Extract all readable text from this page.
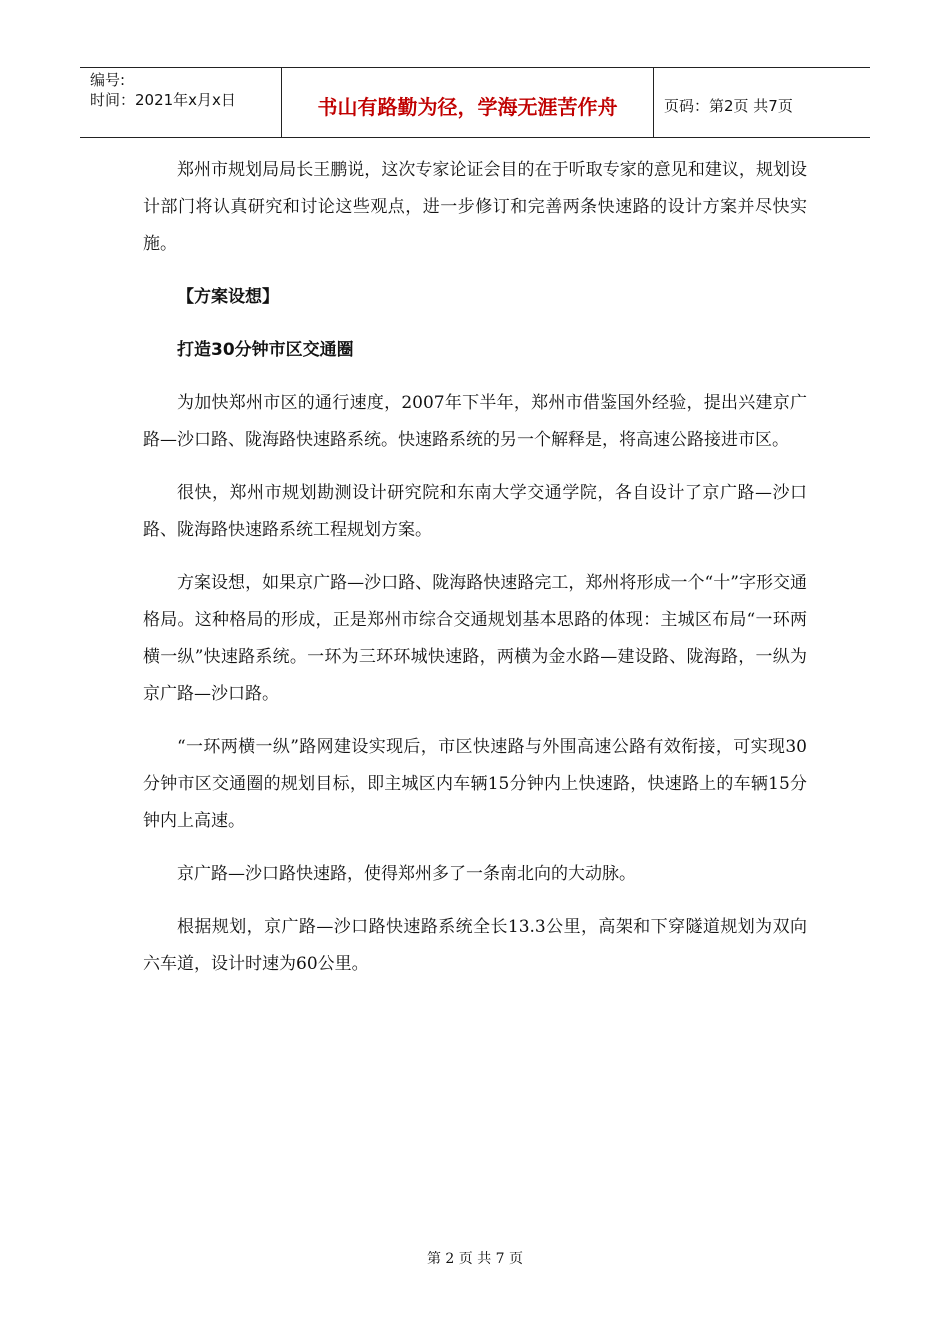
编号:
时间：2021年x月x日	书山有路勤为径，学海无涯苦作舟	页码：第2页 共7页

郑州市规划局局长王鹏说，这次专家论证会目的在于听取专家的意见和建议，规划设计部门将认真研究和讨论这些观点，进一步修订和完善两条快速路的设计方案并尽快实施。

【方案设想】

打造30分钟市区交通圈

为加快郑州市区的通行速度，2007年下半年，郑州市借鉴国外经验，提出兴建京广路—沙口路、陇海路快速路系统。快速路系统的另一个解释是，将高速公路接进市区。

很快，郑州市规划勘测设计研究院和东南大学交通学院，各自设计了京广路—沙口路、陇海路快速路系统工程规划方案。

方案设想，如果京广路—沙口路、陇海路快速路完工，郑州将形成一个“十”字形交通格局。这种格局的形成，正是郑州市综合交通规划基本思路的体现：主城区布局“一环两横一纵”快速路系统。一环为三环环城快速路，两横为金水路—建设路、陇海路，一纵为京广路—沙口路。

“一环两横一纵”路网建设实现后，市区快速路与外围高速公路有效衔接，可实现30分钟市区交通圈的规划目标，即主城区内车辆15分钟内上快速路，快速路上的车辆15分钟内上高速。

京广路—沙口路快速路，使得郑州多了一条南北向的大动脉。

根据规划，京广路—沙口路快速路系统全长13.3公里，高架和下穿隧道规划为双向六车道，设计时速为60公里。

第 2 页 共 7 页
